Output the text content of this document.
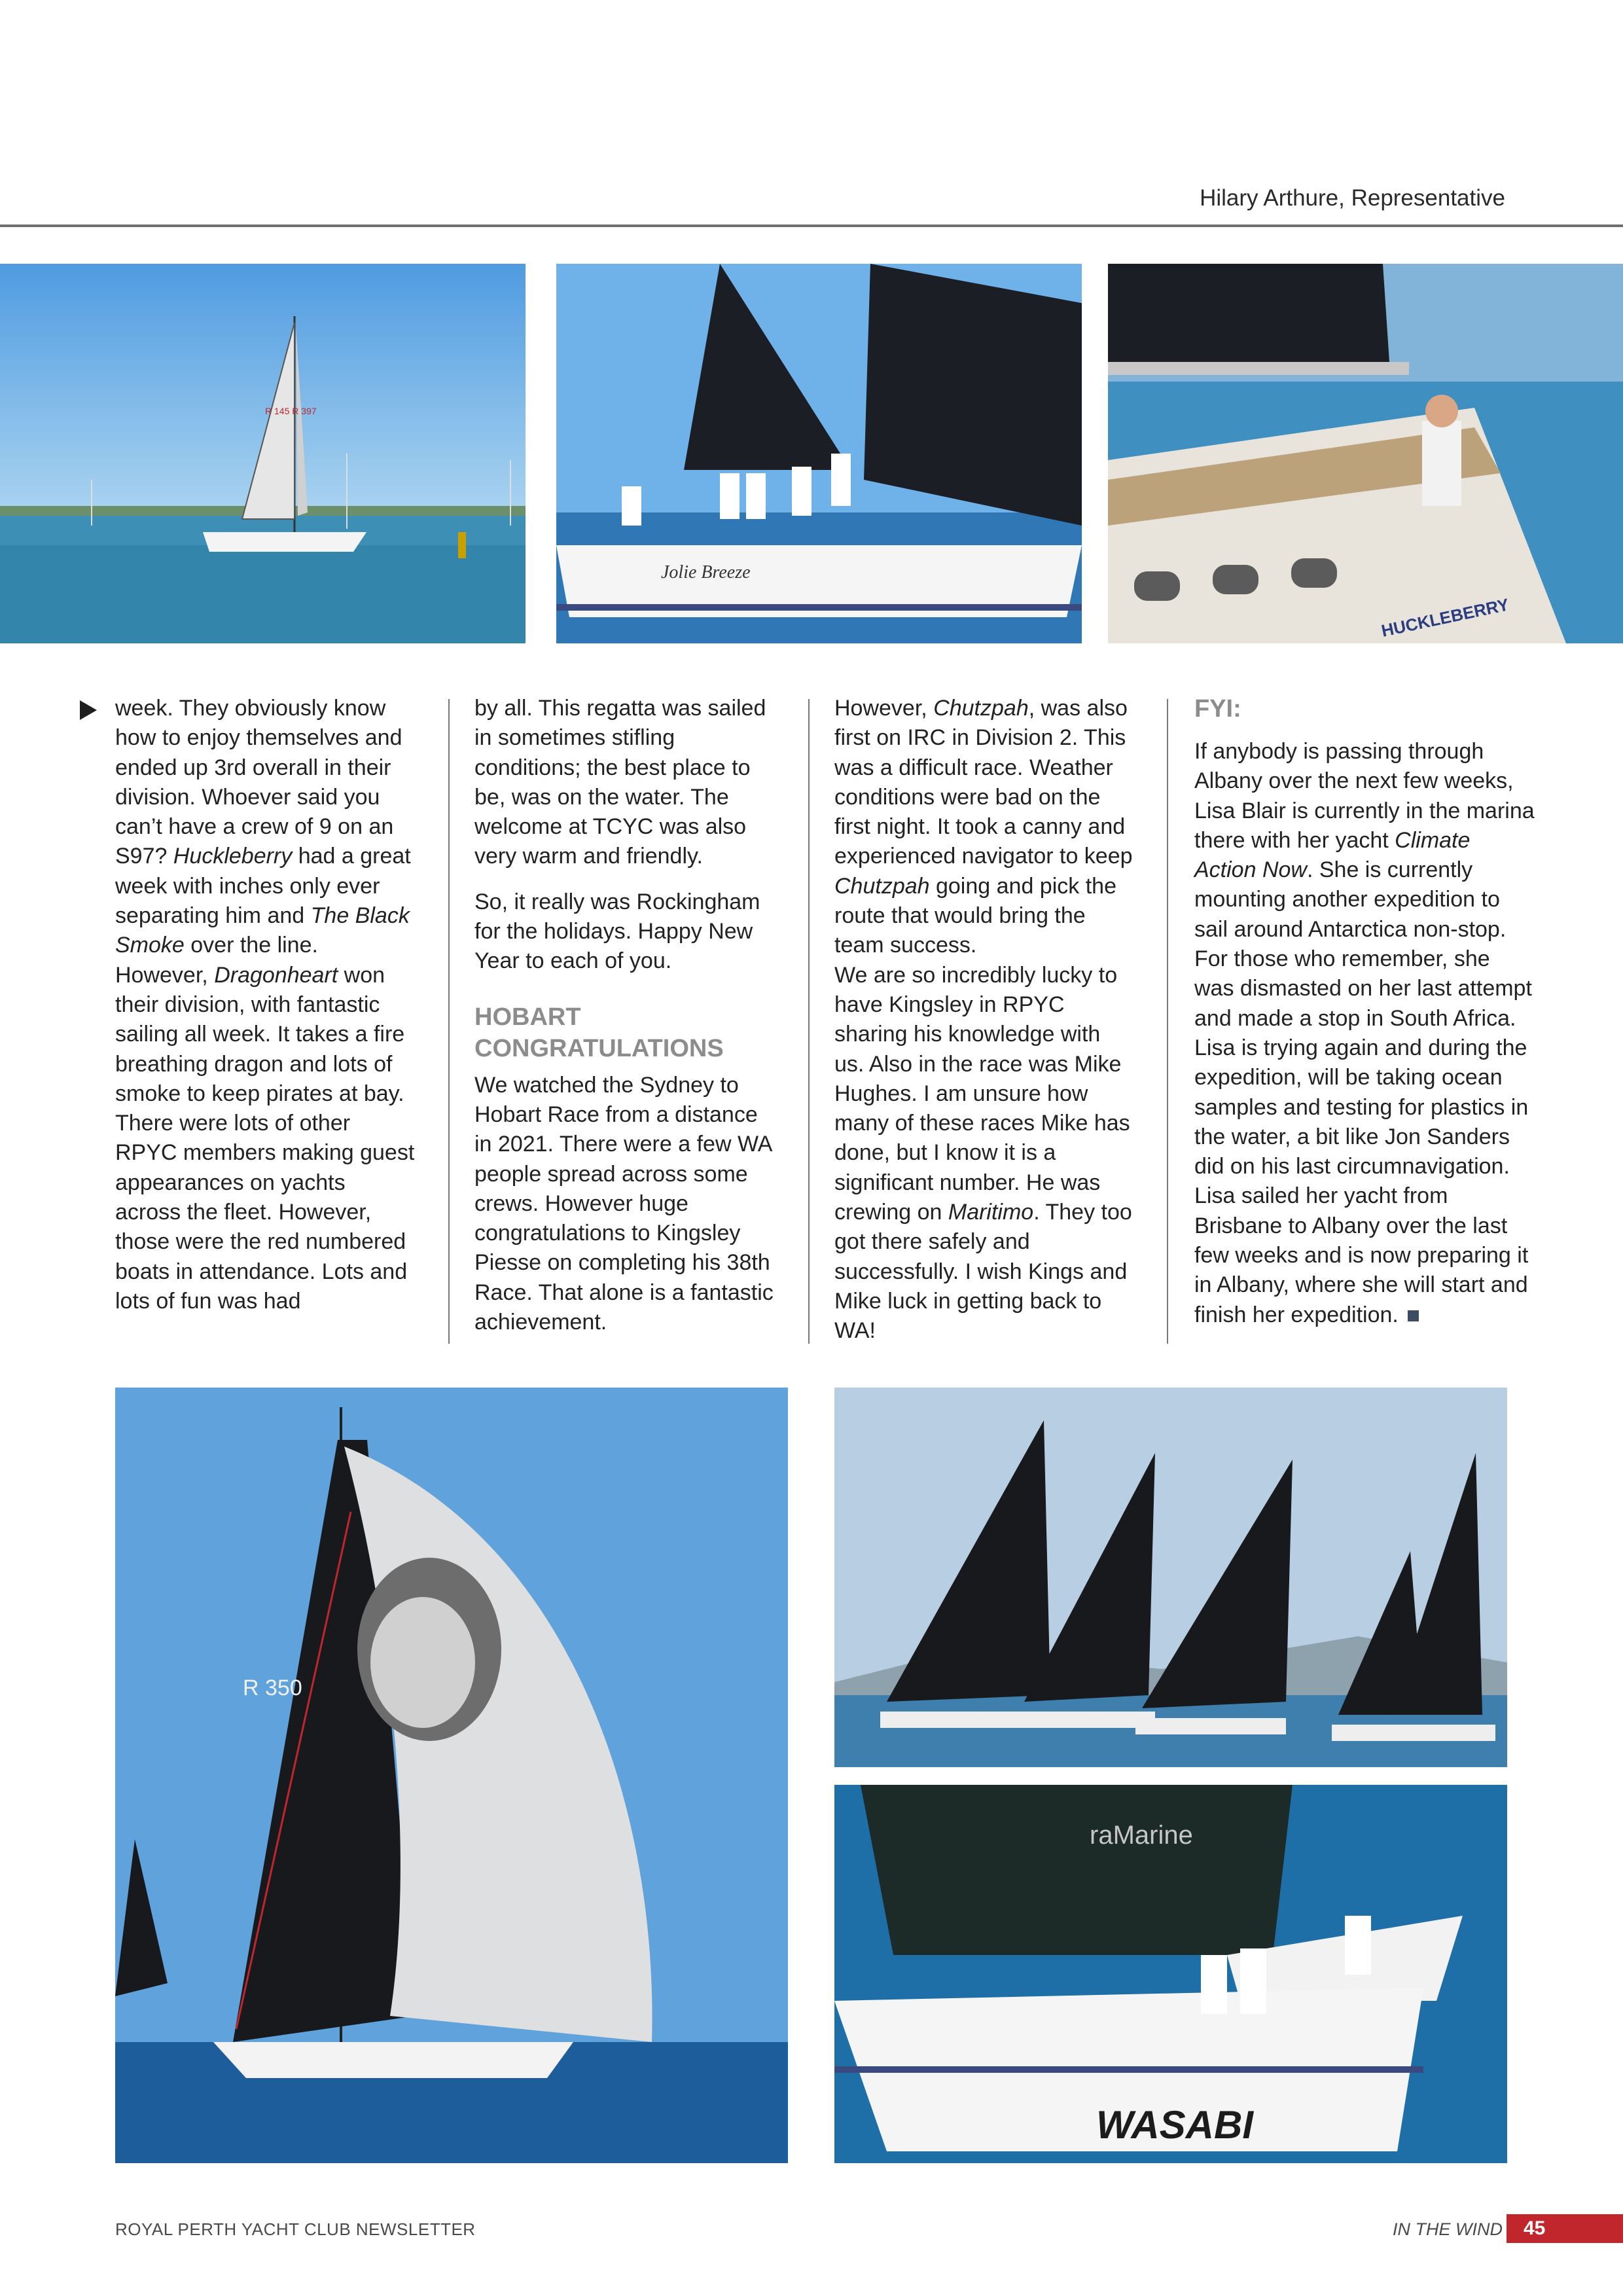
Hilary Arthure, Representative
R 145 R 397
Jolie Breeze
HUCKLEBERRY

week. They obviously know how to enjoy themselves and ended up 3rd overall in their division. Whoever said you can’t have a crew of 9 on an S97? Huckleberry had a great week with inches only ever separating him and The Black Smoke over the line. However, Dragonheart won their division, with fantastic sailing all week. It takes a fire breathing dragon and lots of smoke to keep pirates at bay. There were lots of other RPYC members making guest appearances on yachts across the fleet. However, those were the red numbered boats in attendance. Lots and lots of fun was had

by all. This regatta was sailed in sometimes stifling conditions; the best place to be, was on the water. The welcome at TCYC was also very warm and friendly.

So, it really was Rockingham for the holidays. Happy New Year to each of you.

HOBART CONGRATULATIONS

We watched the Sydney to Hobart Race from a distance in 2021. There were a few WA people spread across some crews. However huge congratulations to Kingsley Piesse on completing his 38th Race. That alone is a fantastic achievement.

However, Chutzpah, was also first on IRC in Division 2. This was a difficult race. Weather conditions were bad on the first night. It took a canny and experienced navigator to keep Chutzpah going and pick the route that would bring the team success.

We are so incredibly lucky to have Kingsley in RPYC sharing his knowledge with us. Also in the race was Mike Hughes. I am unsure how many of these races Mike has done, but I know it is a significant number. He was crewing on Maritimo. They too got there safely and successfully. I wish Kings and Mike luck in getting back to WA!

FYI:

If anybody is passing through Albany over the next few weeks, Lisa Blair is currently in the marina there with her yacht Climate Action Now. She is currently mounting another expedition to sail around Antarctica non-stop. For those who remember, she was dismasted on her last attempt and made a stop in South Africa. Lisa is trying again and during the expedition, will be taking ocean samples and testing for plastics in the water, a bit like Jon Sanders did on his last circumnavigation. Lisa sailed her yacht from Brisbane to Albany over the last few weeks and is now preparing it in Albany, where she will start and finish her expedition.

R 350
raMarine
WASABI
ROYAL PERTH YACHT CLUB NEWSLETTER	IN THE WIND	45
